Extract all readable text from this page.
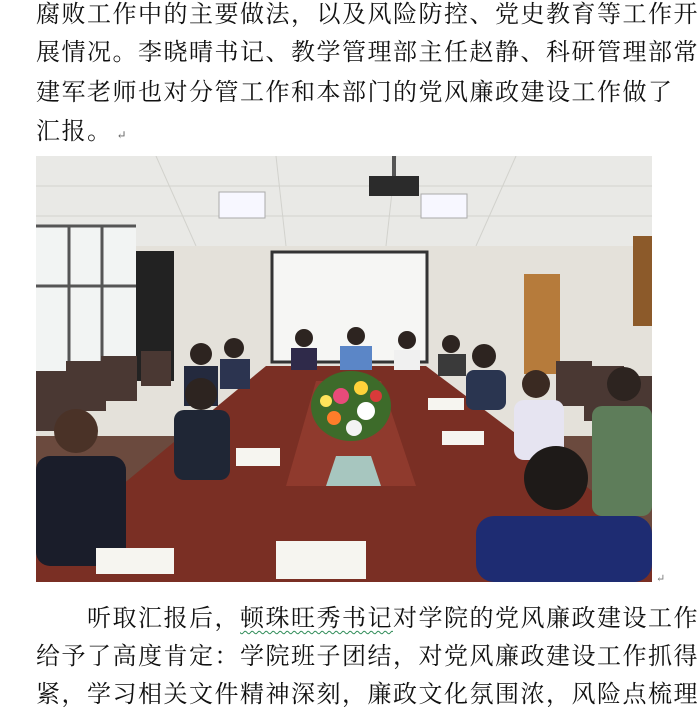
腐败工作中的主要做法，以及风险防控、党史教育等工作开
展情况。李晓晴书记、教学管理部主任赵静、科研管理部常
建军老师也对分管工作和本部门的党风廉政建设工作做了
汇报。 ↵
↵
　　听取汇报后，顿珠旺秀书记对学院的党风廉政建设工作
给予了高度肯定：学院班子团结，对党风廉政建设工作抓得
紧，学习相关文件精神深刻，廉政文化氛围浓，风险点梳理
